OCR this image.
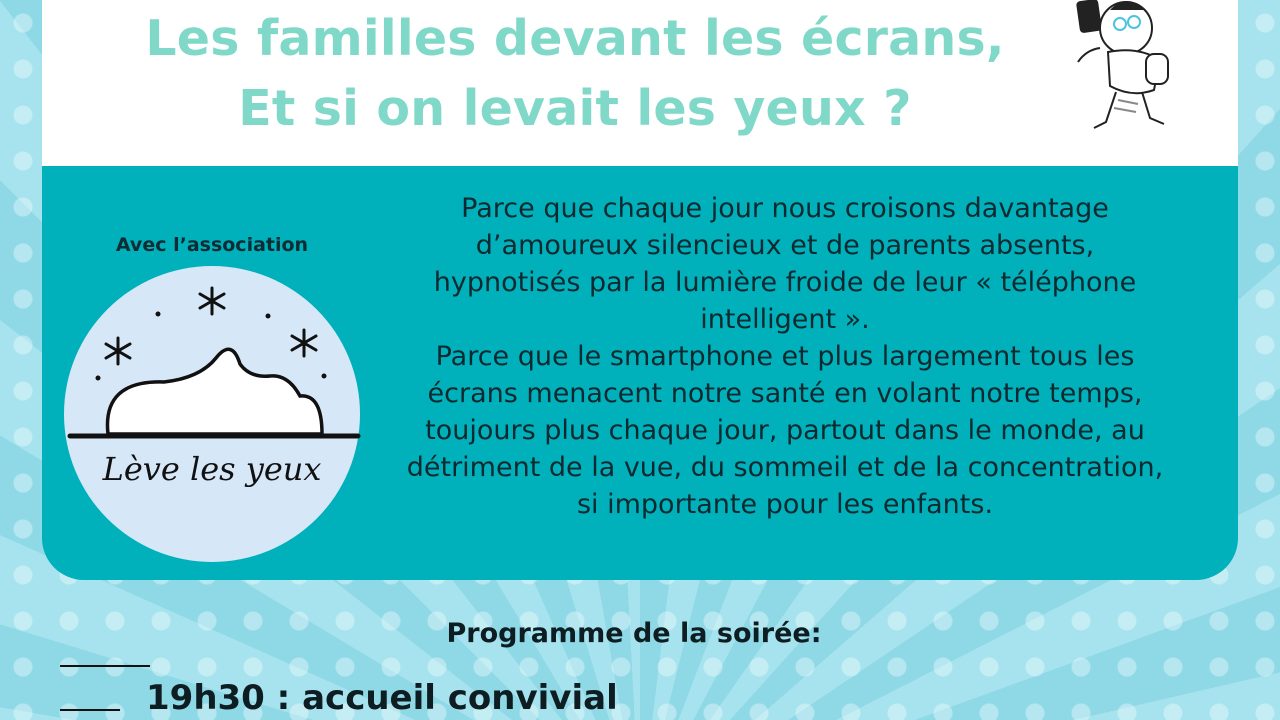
Les familles devant les écrans,
Et si on levait les yeux ?
Avec l’association
Lève les yeux

Parce que chaque jour nous croisons davantage

d’amoureux silencieux et de parents absents,

hypnotisés par la lumière froide de leur « téléphone

intelligent ».

Parce que le smartphone et plus largement tous les

écrans menacent notre santé en volant notre temps,

toujours plus chaque jour, partout dans le monde, au

détriment de la vue, du sommeil et de la concentration,

si importante pour les enfants.

Programme de la soirée:
19h30 : accueil convivial
